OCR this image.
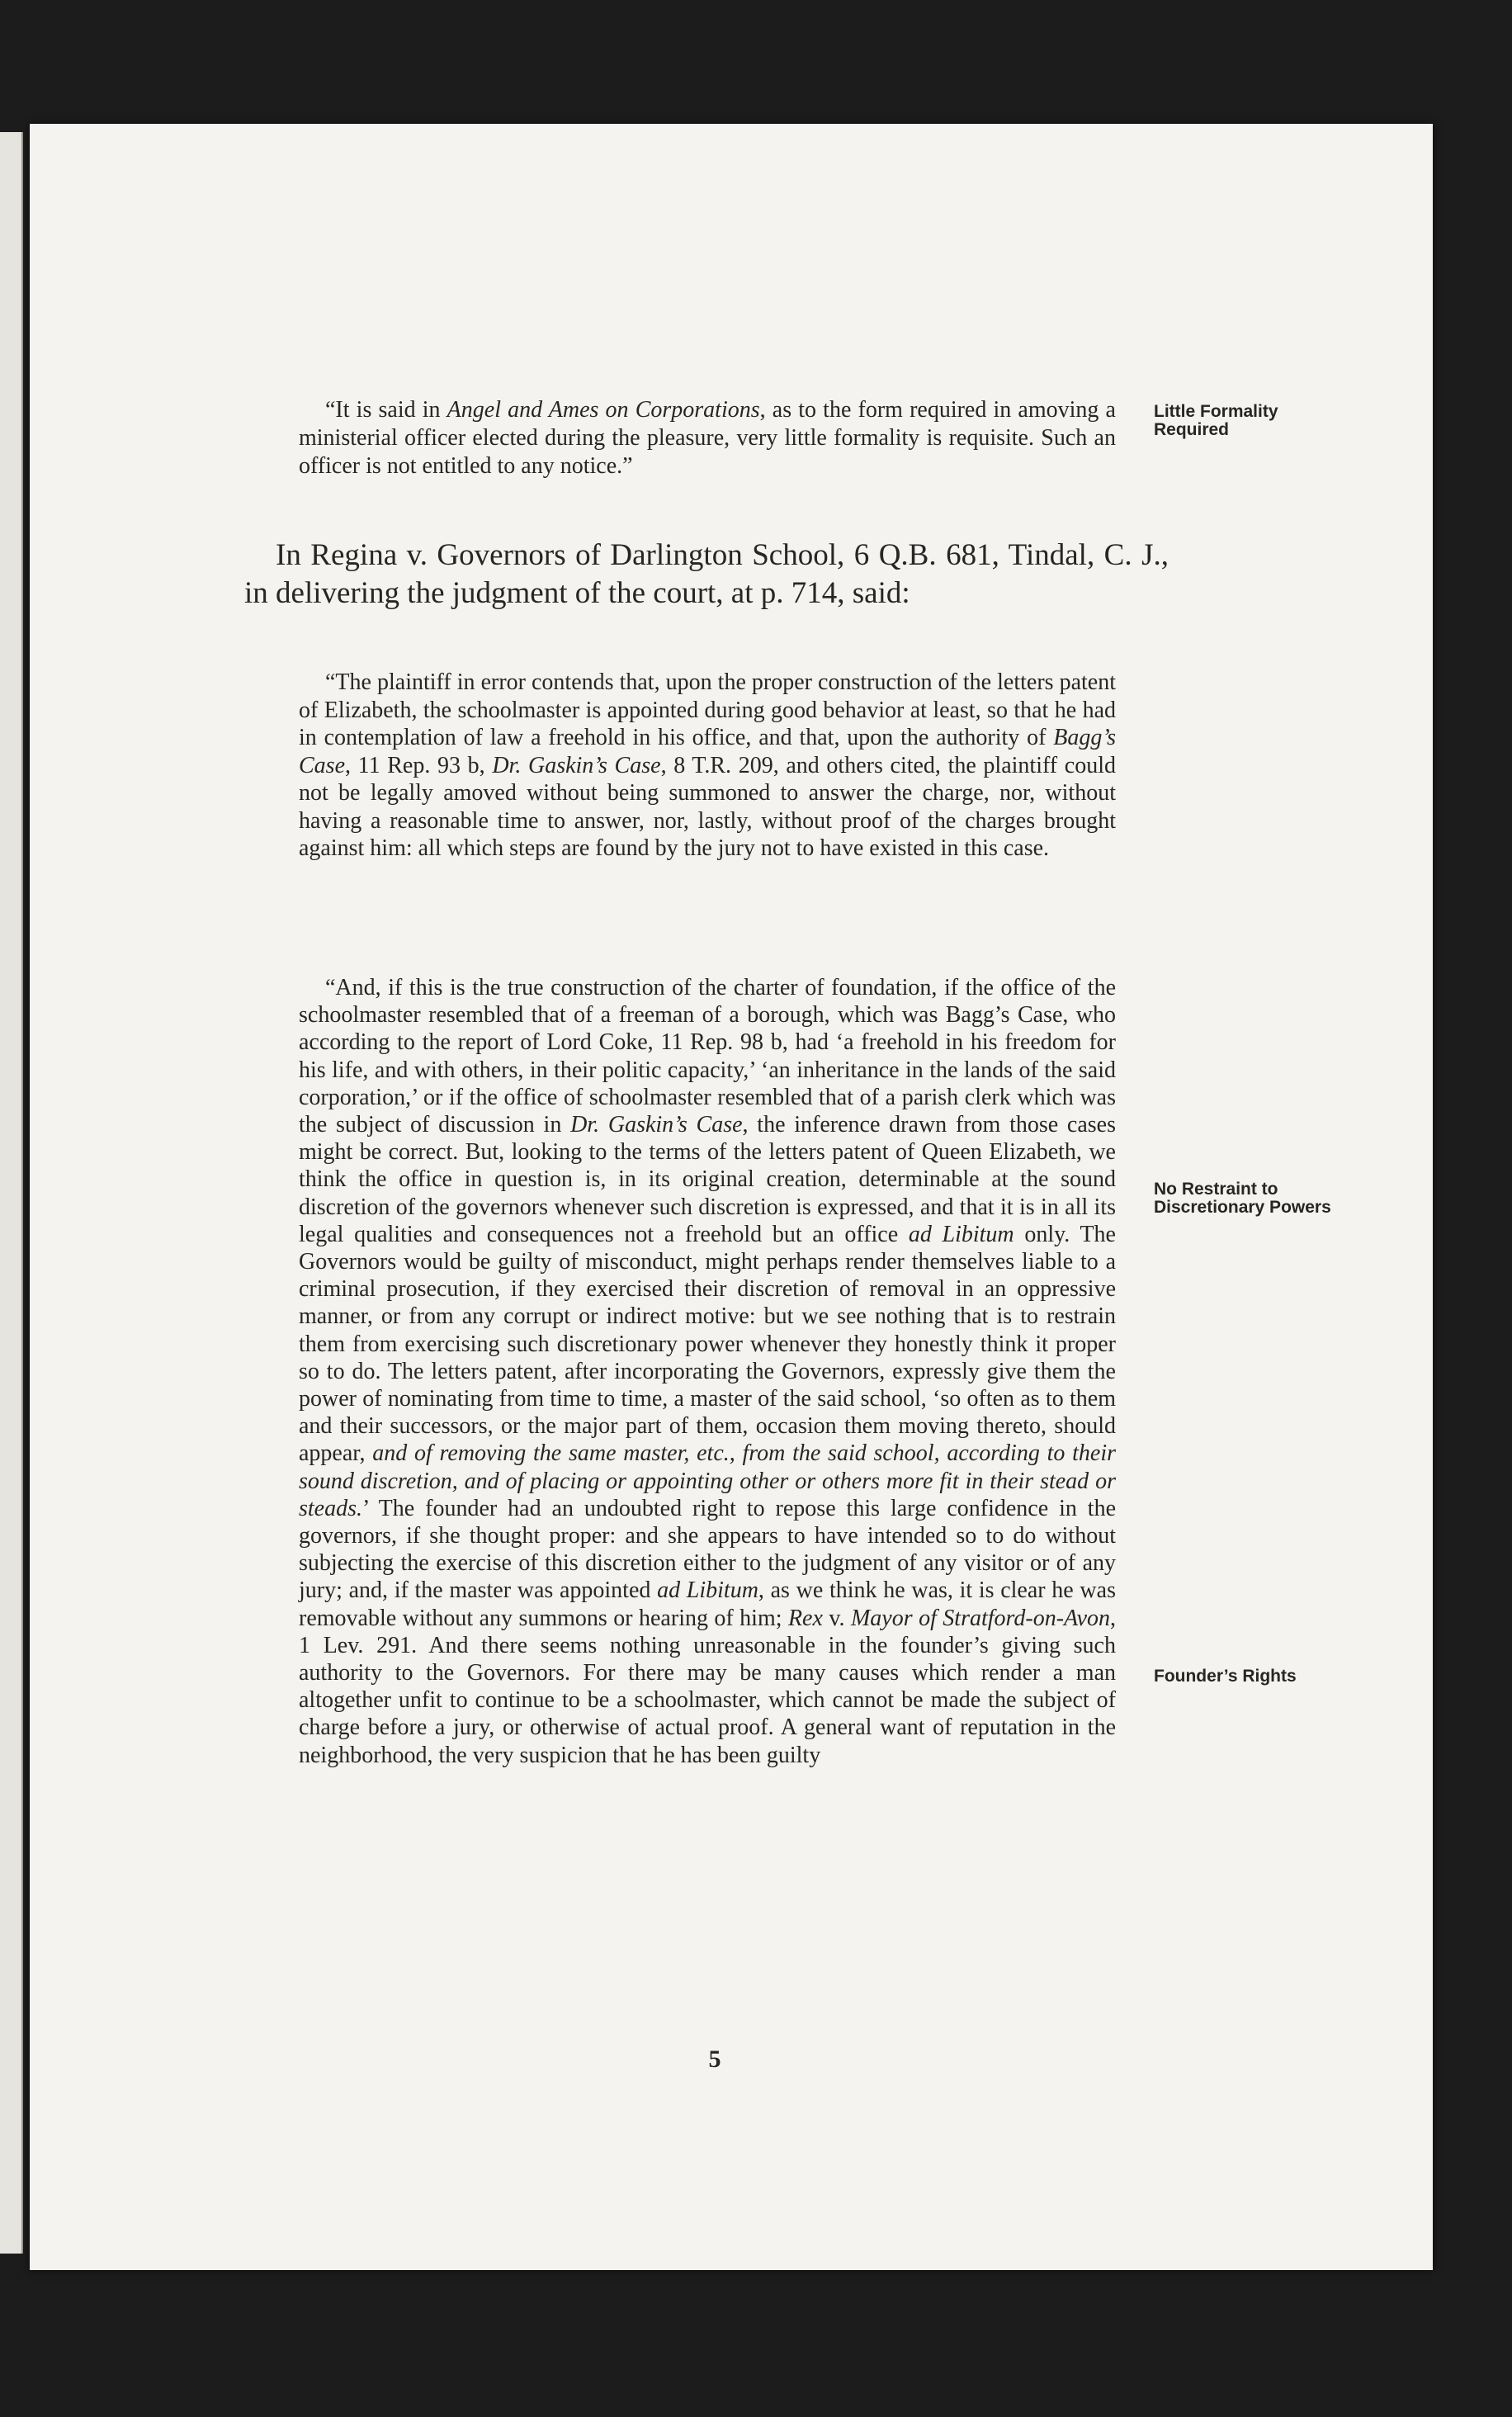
“It is said in Angel and Ames on Corporations, as to the form required in amoving a ministerial officer elected during the pleasure, very little formality is requisite. Such an officer is not entitled to any notice.”
In Regina v. Governors of Darlington School, 6 Q.B. 681, Tindal, C. J., in delivering the judgment of the court, at p. 714, said:
“The plaintiff in error contends that, upon the proper construction of the letters patent of Elizabeth, the schoolmaster is appointed during good behavior at least, so that he had in contemplation of law a freehold in his office, and that, upon the authority of Bagg’s Case, 11 Rep. 93 b, Dr. Gaskin’s Case, 8 T.R. 209, and others cited, the plaintiff could not be legally amoved without being summoned to answer the charge, nor, without having a reasonable time to answer, nor, lastly, without proof of the charges brought against him: all which steps are found by the jury not to have existed in this case.
“And, if this is the true construction of the charter of foundation, if the office of the schoolmaster resembled that of a freeman of a borough, which was Bagg’s Case, who according to the report of Lord Coke, 11 Rep. 98 b, had ‘a freehold in his freedom for his life, and with others, in their politic capacity,’ ‘an inheritance in the lands of the said corporation,’ or if the office of schoolmaster resembled that of a parish clerk which was the subject of discussion in Dr. Gaskin’s Case, the inference drawn from those cases might be correct. But, looking to the terms of the letters patent of Queen Elizabeth, we think the office in question is, in its original creation, determinable at the sound discretion of the governors whenever such discretion is expressed, and that it is in all its legal qualities and consequences not a freehold but an office ad Libitum only. The Governors would be guilty of misconduct, might perhaps render themselves liable to a criminal prosecution, if they exercised their discretion of removal in an oppressive manner, or from any corrupt or indirect motive: but we see nothing that is to restrain them from exercising such discretionary power whenever they honestly think it proper so to do. The letters patent, after incorporating the Governors, expressly give them the power of nominating from time to time, a master of the said school, ‘so often as to them and their successors, or the major part of them, occasion them moving thereto, should appear, and of removing the same master, etc., from the said school, according to their sound discretion, and of placing or appointing other or others more fit in their stead or steads.’ The founder had an undoubted right to repose this large confidence in the governors, if she thought proper: and she appears to have intended so to do without subjecting the exercise of this discretion either to the judgment of any visitor or of any jury; and, if the master was appointed ad Libitum, as we think he was, it is clear he was removable without any summons or hearing of him; Rex v. Mayor of Stratford-on-Avon, 1 Lev. 291. And there seems nothing unreasonable in the founder’s giving such authority to the Governors. For there may be many causes which render a man altogether unfit to continue to be a schoolmaster, which cannot be made the subject of charge before a jury, or otherwise of actual proof. A general want of reputation in the neighborhood, the very suspicion that he has been guilty
Little Formality Required
No Restraint to Discretionary Powers
Founder’s Rights
5
